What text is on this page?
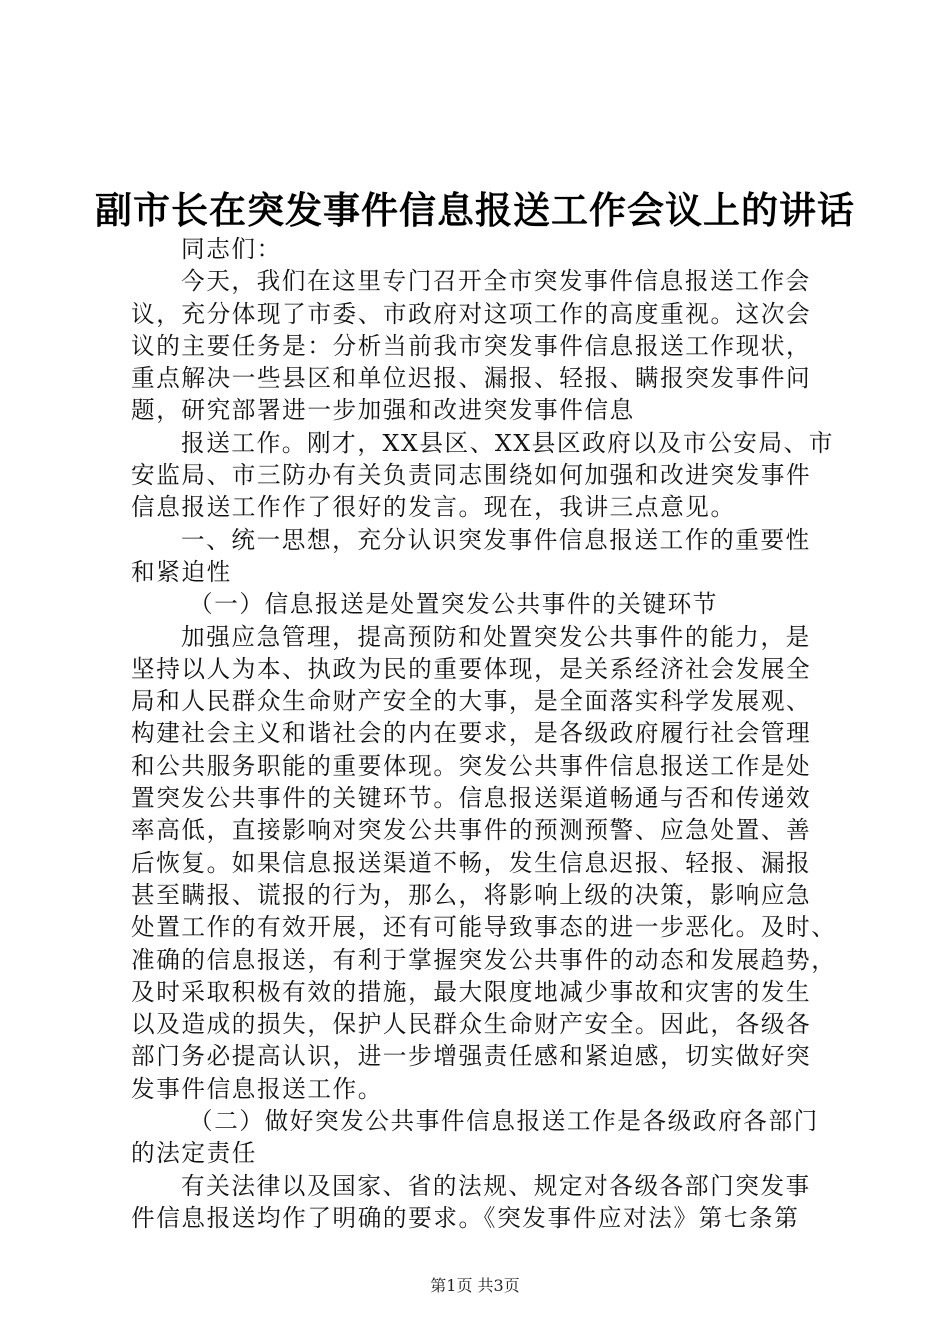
副市长在突发事件信息报送工作会议上的讲话
同志们：
今天，我们在这里专门召开全市突发事件信息报送工作会
议，充分体现了市委、市政府对这项工作的高度重视。这次会
议的主要任务是：分析当前我市突发事件信息报送工作现状，
重点解决一些县区和单位迟报、漏报、轻报、瞒报突发事件问
题，研究部署进一步加强和改进突发事件信息
报送工作。刚才，XX县区、XX县区政府以及市公安局、市
安监局、市三防办有关负责同志围绕如何加强和改进突发事件
信息报送工作作了很好的发言。现在，我讲三点意见。
一、统一思想，充分认识突发事件信息报送工作的重要性
和紧迫性
（一）信息报送是处置突发公共事件的关键环节
加强应急管理，提高预防和处置突发公共事件的能力，是
坚持以人为本、执政为民的重要体现，是关系经济社会发展全
局和人民群众生命财产安全的大事，是全面落实科学发展观、
构建社会主义和谐社会的内在要求，是各级政府履行社会管理
和公共服务职能的重要体现。突发公共事件信息报送工作是处
置突发公共事件的关键环节。信息报送渠道畅通与否和传递效
率高低，直接影响对突发公共事件的预测预警、应急处置、善
后恢复。如果信息报送渠道不畅，发生信息迟报、轻报、漏报
甚至瞒报、谎报的行为，那么，将影响上级的决策，影响应急
处置工作的有效开展，还有可能导致事态的进一步恶化。及时、
准确的信息报送，有利于掌握突发公共事件的动态和发展趋势，
及时采取积极有效的措施，最大限度地减少事故和灾害的发生
以及造成的损失，保护人民群众生命财产安全。因此，各级各
部门务必提高认识，进一步增强责任感和紧迫感，切实做好突
发事件信息报送工作。
（二）做好突发公共事件信息报送工作是各级政府各部门
的法定责任
有关法律以及国家、省的法规、规定对各级各部门突发事
件信息报送均作了明确的要求。《突发事件应对法》第七条第
第1页 共3页
